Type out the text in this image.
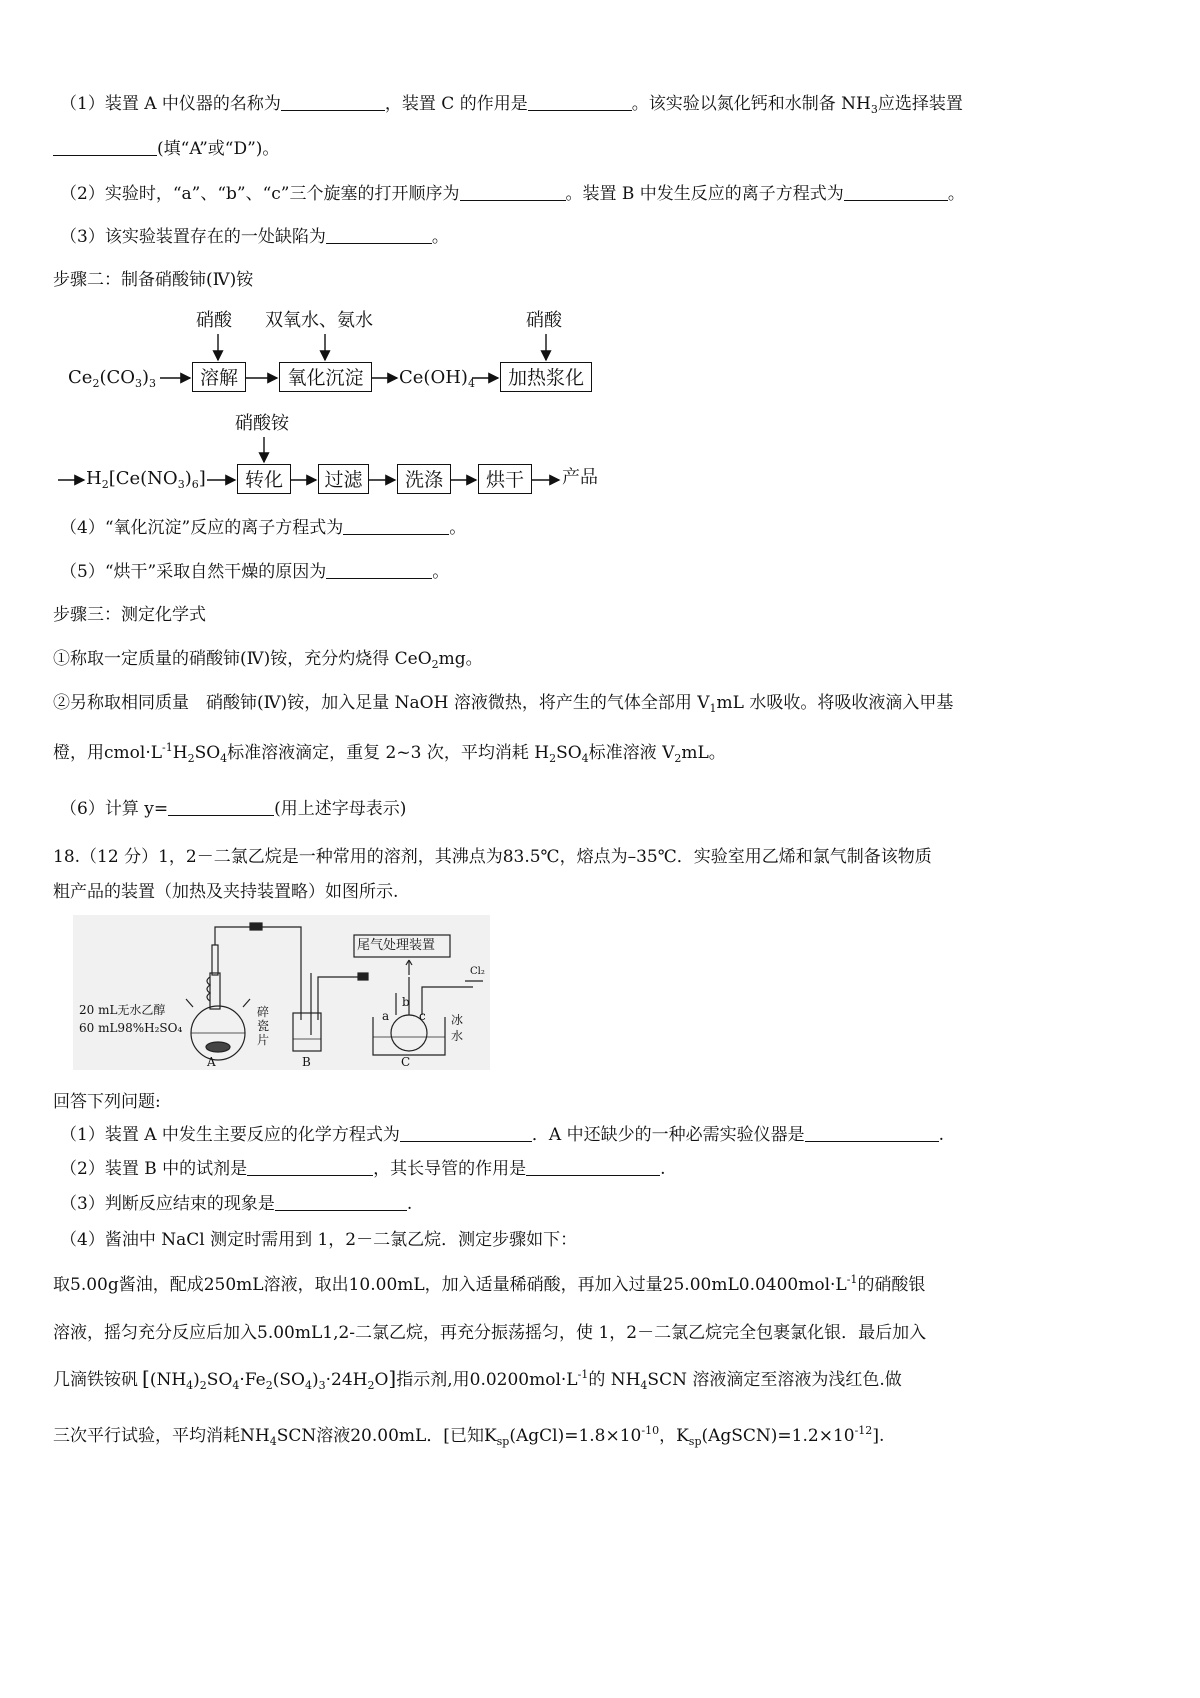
（1）装置 A 中仪器的名称为	，装置 C 的作用是	。该实验以氮化钙和水制备 $NH_3$应选择装置
(填“A”或“D”)。
（2）实验时，“a”、“b”、“c”三个旋塞的打开顺序为	。装置 B 中发生反应的离子方程式为	。
（3）该实验装置存在的一处缺陷为	。
步骤二：制备硝酸铈(Ⅳ)铵
硝酸 双氧水、氨水	硝酸
$Ce_2(CO_3)_3$	溶解	氧化沉淀	$Ce(OH)_4$	加热浆化
硝酸铵
$H_2[Ce(NO_3)_6]$	转化	过滤	洗涤	烘干	产品
（4）“氧化沉淀”反应的离子方程式为	。
（5）“烘干”采取自然干燥的原因为	。
步骤三：测定化学式
①称取一定质量的硝酸铈(Ⅳ)铵，充分灼烧得 CeO$_2$mg。
②另称取相同质量　硝酸铈(Ⅳ)铵，加入足量 NaOH 溶液微热，将产生的气体全部用 $V_1mL$ 水吸收。将吸收液滴入甲基
橙，用$cmol\cdot L^{-1}H_2SO_4$标准溶液滴定，重复 2~3 次，平均消耗 $H_2SO_4$标准溶液 $V_2mL$。
（6）计算 y=	(用上述字母表示)
18.（12 分）1，2－二氯乙烷是一种常用的溶剂，其沸点为83.5℃，熔点为–35℃．实验室用乙烯和氯气制备该物质
粗产品的装置（加热及夹持装置略）如图所示.
尾气处理装置
20 mL无水乙醇
60 mL98%H₂SO₄
碎
瓷
片
Cl₂
冰
水
a
b
c
A	B	C
回答下列问题:
（1）装置 A 中发生主要反应的化学方程式为	．A 中还缺少的一种必需实验仪器是	.
（2）装置 B 中的试剂是	，其长导管的作用是	.
（3）判断反应结束的现象是	.
（4）酱油中 NaCl 测定时需用到 1，2－二氯乙烷．测定步骤如下：
取5.00g酱油，配成250mL溶液，取出10.00mL，加入适量稀硝酸，再加入过量$25.00mL0.0400mol\cdot L^{-1}$的硝酸银
溶液，摇匀充分反应后加入5.00mL1,2-二氯乙烷，再充分振荡摇匀，使 1，2－二氯乙烷完全包裹氯化银．最后加入
几滴铁铵矾 $[(NH_4)_2SO_4\cdot Fe_2(SO_4)_3\cdot 24H_2O]$指示剂,用$0.0200mol\cdot L^{-1}$的 $NH_4SCN$ 溶液滴定至溶液为浅红色.做
三次平行试验，平均消耗$NH_4SCN$溶液20.00mL．[已知$K_{sp}(AgCl)=1.8\times 10^{-10}$，$K_{sp}(AgSCN)=1.2\times 10^{-12}$].
